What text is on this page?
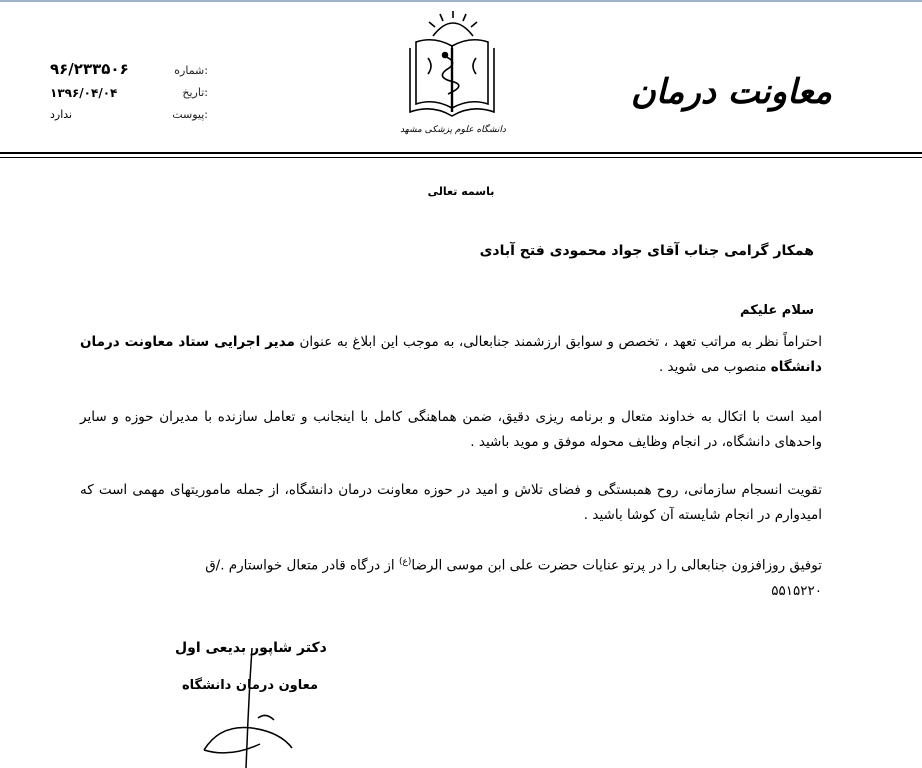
۹۶/۲۳۳۵۰۶	شماره:
۱۳۹۶/۰۴/۰۴	تاریخ:
ندارد	پیوست:
دانشگاه علوم پزشکی مشهد
معاونت درمان
باسمه تعالی
همکار گرامی جناب آقای جواد محمودی فتح آبادی
سلام علیکم
احتراماً نظر به مراتب تعهد ، تخصص و سوابق ارزشمند جنابعالی، به موجب این ابلاغ به عنوان مدیر اجرایی ستاد معاونت درمان دانشگاه منصوب می شوید .
امید است با اتکال به خداوند متعال و برنامه ریزی دقیق، ضمن هماهنگی کامل با اینجانب و تعامل سازنده با مدیران حوزه و سایر واحدهای دانشگاه، در انجام وظایف محوله موفق و موید باشید .
تقویت انسجام سازمانی، روح همبستگی و فضای تلاش و امید در حوزه معاونت درمان دانشگاه، از جمله ماموریتهای مهمی است که امیدوارم در انجام شایسته آن کوشا باشید .
توفیق روزافزون جنابعالی را در پرتو عنایات حضرت علی ابن موسی الرضا$^{(ع)}$ از درگاه قادر متعال خواستارم ./ق
۵۵۱۵۲۲۰
دکتر شاپور بدیعی اول
معاون درمان دانشگاه
